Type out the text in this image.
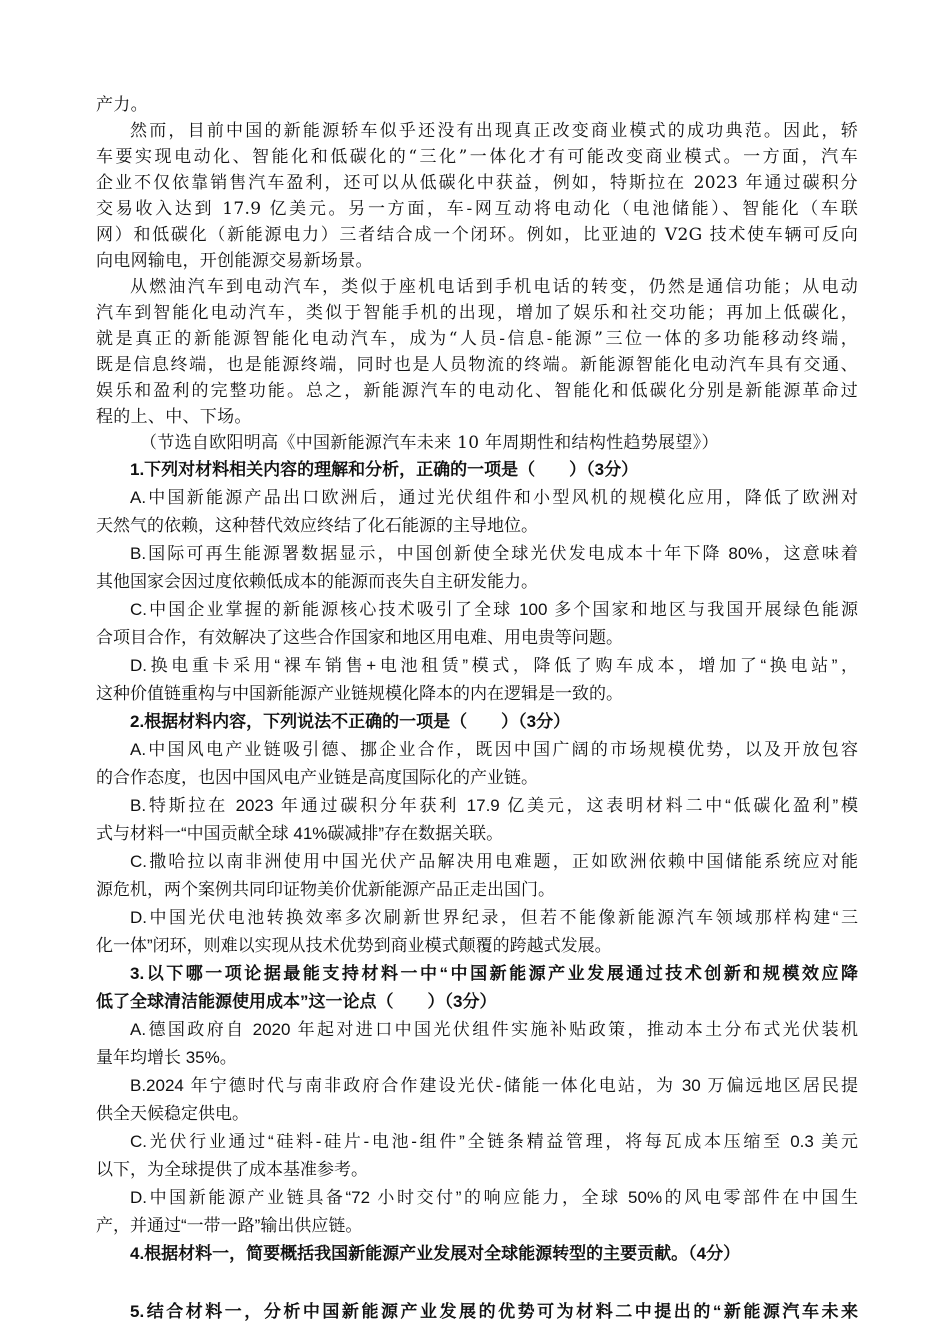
产力。
然而，目前中国的新能源轿车似乎还没有出现真正改变商业模式的成功典范。因此，轿
车要实现电动化、智能化和低碳化的“三化”一体化才有可能改变商业模式。一方面，汽车
企业不仅依靠销售汽车盈利，还可以从低碳化中获益，例如，特斯拉在 2023 年通过碳积分
交易收入达到 17.9 亿美元。另一方面，车-网互动将电动化（电池储能）、智能化（车联
网）和低碳化（新能源电力）三者结合成一个闭环。例如，比亚迪的 V2G 技术使车辆可反向
向电网输电，开创能源交易新场景。
从燃油汽车到电动汽车，类似于座机电话到手机电话的转变，仍然是通信功能；从电动
汽车到智能化电动汽车，类似于智能手机的出现，增加了娱乐和社交功能；再加上低碳化，
就是真正的新能源智能化电动汽车，成为“人员-信息-能源”三位一体的多功能移动终端，
既是信息终端，也是能源终端，同时也是人员物流的终端。新能源智能化电动汽车具有交通、
娱乐和盈利的完整功能。总之，新能源汽车的电动化、智能化和低碳化分别是新能源革命过
程的上、中、下场。
（节选自欧阳明高《中国新能源汽车未来 10 年周期性和结构性趋势展望》）
1.下列对材料相关内容的理解和分析，正确的一项是（　　）（3分）
A.中国新能源产品出口欧洲后，通过光伏组件和小型风机的规模化应用，降低了欧洲对
天然气的依赖，这种替代效应终结了化石能源的主导地位。
B.国际可再生能源署数据显示，中国创新使全球光伏发电成本十年下降 80%，这意味着
其他国家会因过度依赖低成本的能源而丧失自主研发能力。
C.中国企业掌握的新能源核心技术吸引了全球 100 多个国家和地区与我国开展绿色能源
合项目合作，有效解决了这些合作国家和地区用电难、用电贵等问题。
D.换电重卡采用“裸车销售+电池租赁”模式，降低了购车成本，增加了“换电站”，
这种价值链重构与中国新能源产业链规模化降本的内在逻辑是一致的。
2.根据材料内容，下列说法不正确的一项是（　　）（3分）
A.中国风电产业链吸引德、挪企业合作，既因中国广阔的市场规模优势，以及开放包容
的合作态度，也因中国风电产业链是高度国际化的产业链。
B.特斯拉在 2023 年通过碳积分年获利 17.9 亿美元，这表明材料二中“低碳化盈利”模
式与材料一“中国贡献全球 41%碳减排”存在数据关联。
C.撒哈拉以南非洲使用中国光伏产品解决用电难题，正如欧洲依赖中国储能系统应对能
源危机，两个案例共同印证物美价优新能源产品正走出国门。
D.中国光伏电池转换效率多次刷新世界纪录，但若不能像新能源汽车领域那样构建“三
化一体”闭环，则难以实现从技术优势到商业模式颠覆的跨越式发展。
3.以下哪一项论据最能支持材料一中“中国新能源产业发展通过技术创新和规模效应降
低了全球清洁能源使用成本”这一论点（　　）（3分）
A.德国政府自 2020 年起对进口中国光伏组件实施补贴政策，推动本土分布式光伏装机
量年均增长 35%。
B.2024 年宁德时代与南非政府合作建设光伏-储能一体化电站，为 30 万偏远地区居民提
供全天候稳定供电。
C.光伏行业通过“硅料-硅片-电池-组件”全链条精益管理，将每瓦成本压缩至 0.3 美元
以下，为全球提供了成本基准参考。
D.中国新能源产业链具备“72 小时交付”的响应能力，全球 50%的风电零部件在中国生
产，并通过“一带一路”输出供应链。
4.根据材料一，简要概括我国新能源产业发展对全球能源转型的主要贡献。（4分）
5.结合材料一，分析中国新能源产业发展的优势可为材料二中提出的“新能源汽车未来
